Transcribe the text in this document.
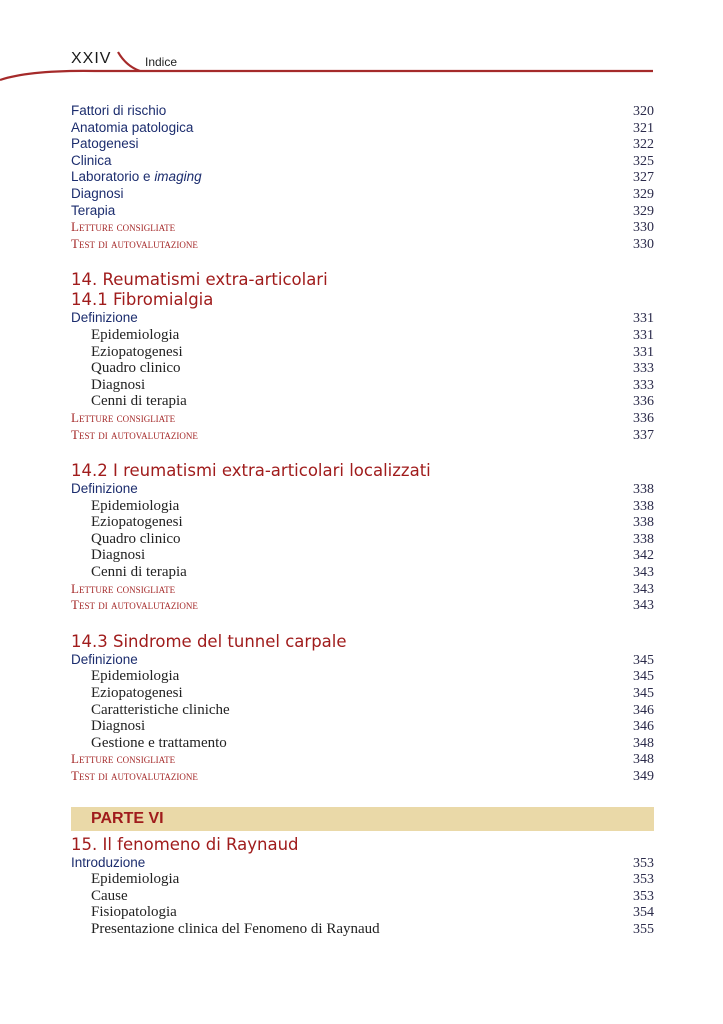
XXIV	Indice
Fattori di rischio	320
Anatomia patologica	321
Patogenesi	322
Clinica	325
Laboratorio e imaging	327
Diagnosi	329
Terapia	329
Letture consigliate	330
Test di autovalutazione	330
14. Reumatismi extra-articolari
14.1 Fibromialgia
Definizione	331
Epidemiologia	331
Eziopatogenesi	331
Quadro clinico	333
Diagnosi	333
Cenni di terapia	336
Letture consigliate	336
Test di autovalutazione	337
14.2 I reumatismi extra-articolari localizzati
Definizione	338
Epidemiologia	338
Eziopatogenesi	338
Quadro clinico	338
Diagnosi	342
Cenni di terapia	343
Letture consigliate	343
Test di autovalutazione	343
14.3 Sindrome del tunnel carpale
Definizione	345
Epidemiologia	345
Eziopatogenesi	345
Caratteristiche cliniche	346
Diagnosi	346
Gestione e trattamento	348
Letture consigliate	348
Test di autovalutazione	349
PARTE VI
15. Il fenomeno di Raynaud
Introduzione	353
Epidemiologia	353
Cause	353
Fisiopatologia	354
Presentazione clinica del Fenomeno di Raynaud	355
